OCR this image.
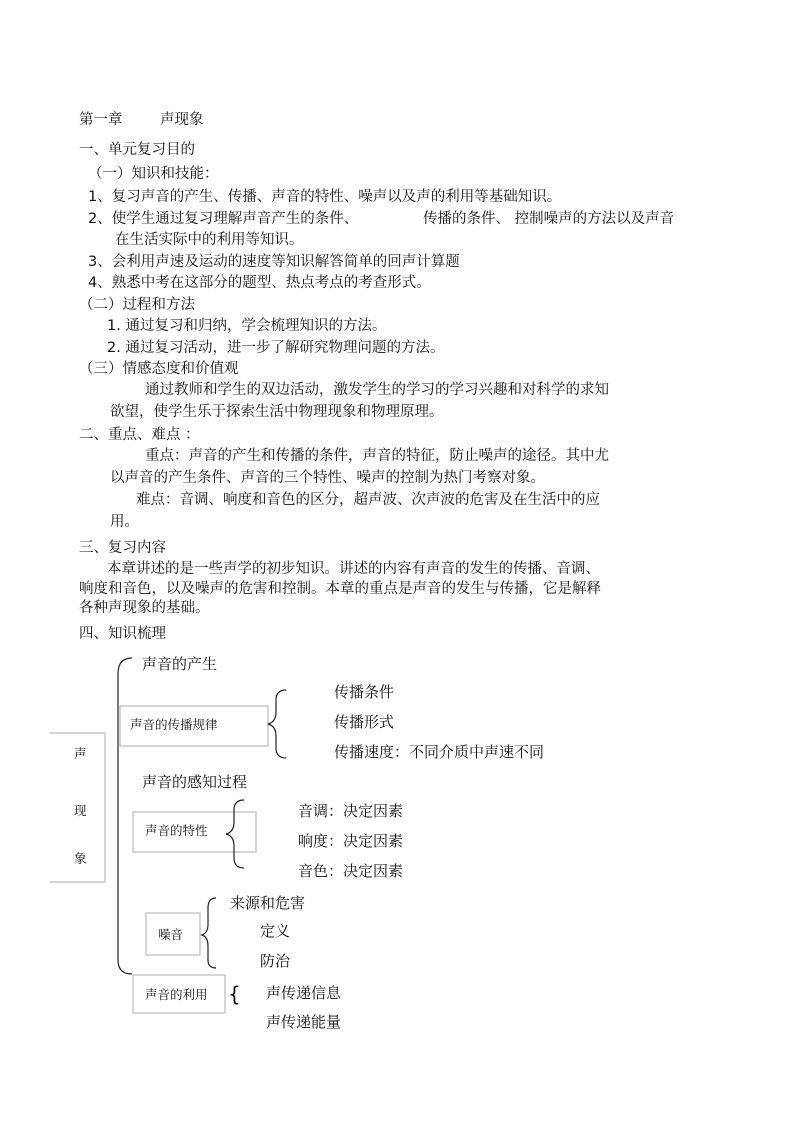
第一章	声现象
一、单元复习目的
（一）知识和技能：
1、复习声音的产生、传播、声音的特性、噪声以及声的利用等基础知识。
2、使学生通过复习理解声音产生的条件、	传播的条件、 控制噪声的方法以及声音
在生活实际中的利用等知识。
3、会利用声速及运动的速度等知识解答简单的回声计算题
4、熟悉中考在这部分的题型、热点考点的考查形式。
（二）过程和方法
1. 通过复习和归纳，学会梳理知识的方法。
2. 通过复习活动，进一步了解研究物理问题的方法。
（三）情感态度和价值观
通过教师和学生的双边活动，激发学生的学习的学习兴趣和对科学的求知
欲望，使学生乐于探索生活中物理现象和物理原理。
二、重点、难点 ：
重点：声音的产生和传播的条件，声音的特征，防止噪声的途径。其中尤
以声音的产生条件、声音的三个特性、噪声的控制为热门考察对象。
难点：音调、响度和音色的区分，超声波、次声波的危害及在生活中的应
用。
三、复习内容
本章讲述的是一些声学的初步知识。讲述的内容有声音的发生的传播、音调、
响度和音色，以及噪声的危害和控制。本章的重点是声音的发生与传播，它是解释
各种声现象的基础。
四、知识梳理
声
现
象
声音的产生
声音的传播规律
传播条件
传播形式
传播速度：不同介质中声速不同
声音的感知过程
声音的特性
音调：决定因素
响度：决定因素
音色：决定因素
噪音
来源和危害
定义
防治
声音的利用 { 声传递信息
声传递能量
